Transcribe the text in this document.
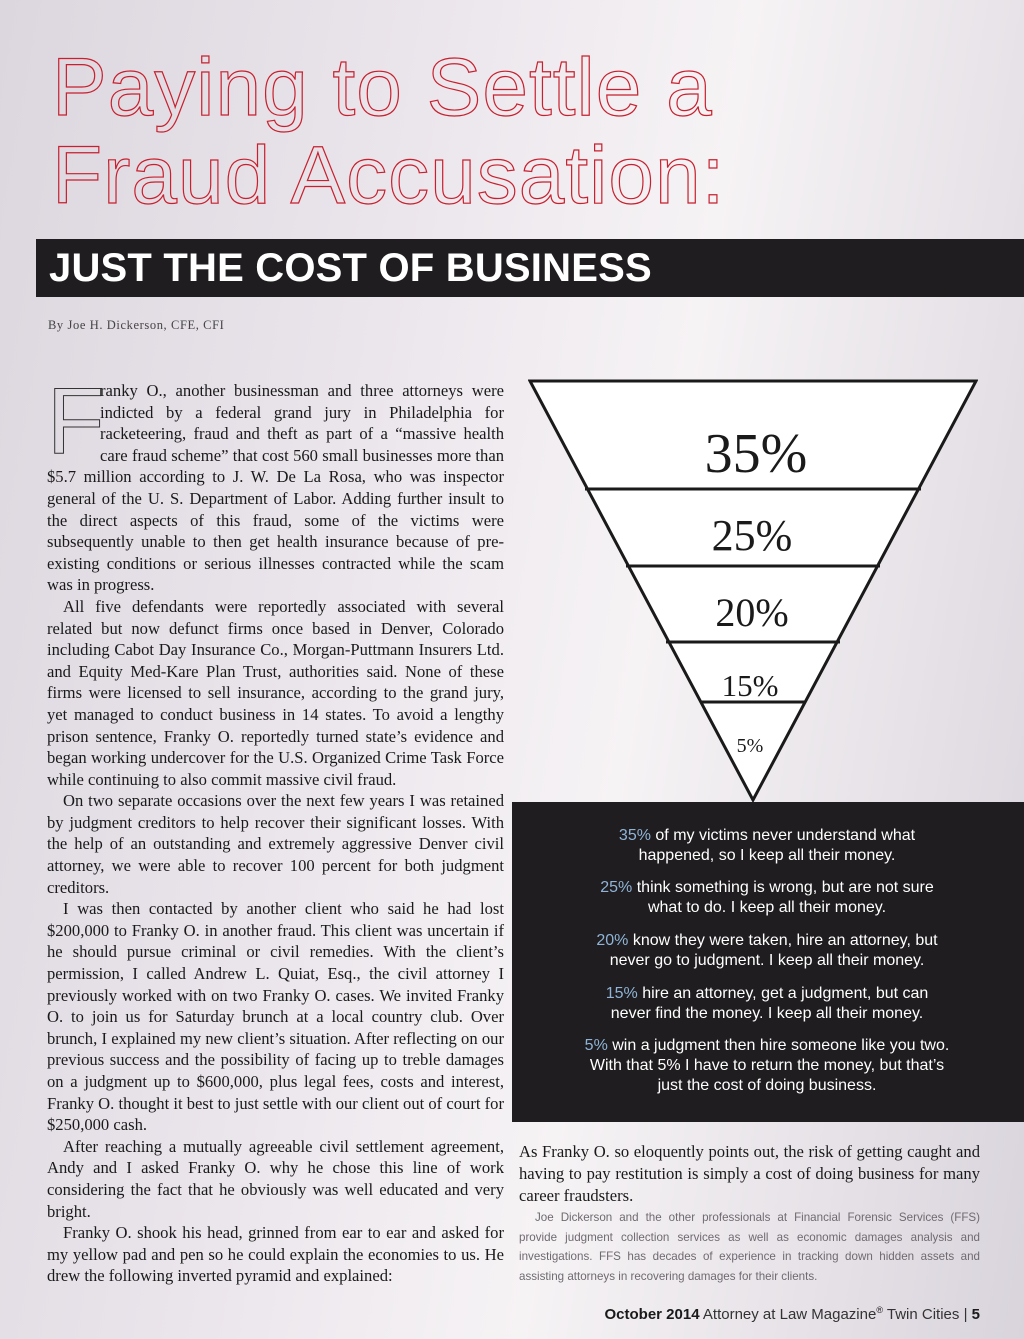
Paying to Settle a
Fraud Accusation:
JUST THE COST OF BUSINESS
By Joe H. Dickerson, CFE, CFI

F
ranky O., another businessman and three attorneys were indicted by a federal grand jury in Philadelphia for racketeering, fraud and theft as part of a “massive health care fraud scheme” that cost 560 small businesses more than $5.7 million according to J. W. De La Rosa, who was inspector general of the U. S. Department of Labor. Adding further insult to the direct aspects of this fraud, some of the victims were subsequently unable to then get health insurance because of pre-existing conditions or serious illnesses contracted while the scam was in progress.

All five defendants were reportedly associated with several related but now defunct firms once based in Denver, Colorado including Cabot Day Insurance Co., Morgan-Puttmann Insurers Ltd. and Equity Med-Kare Plan Trust, authorities said. None of these firms were licensed to sell insurance, according to the grand jury, yet managed to conduct business in 14 states. To avoid a lengthy prison sentence, Franky O. reportedly turned state’s evidence and began working undercover for the U.S. Organized Crime Task Force while continuing to also commit massive civil fraud.

On two separate occasions over the next few years I was retained by judgment creditors to help recover their significant losses. With the help of an outstanding and extremely aggressive Denver civil attorney, we were able to recover 100 percent for both judgment creditors.

I was then contacted by another client who said he had lost $200,000 to Franky O. in another fraud. This client was uncertain if he should pursue criminal or civil remedies. With the client’s permission, I called Andrew L. Quiat, Esq., the civil attorney I previously worked with on two Franky O. cases. We invited Franky O. to join us for Saturday brunch at a local country club. Over brunch, I explained my new client’s situation. After reflecting on our previous success and the possibility of facing up to treble damages on a judgment up to $600,000, plus legal fees, costs and interest, Franky O. thought it best to just settle with our client out of court for $250,000 cash.

After reaching a mutually agreeable civil settlement agreement, Andy and I asked Franky O. why he chose this line of work considering the fact that he obviously was well educated and very bright.

Franky O. shook his head, grinned from ear to ear and asked for my yellow pad and pen so he could explain the economies to us. He drew the following inverted pyramid and explained:

35%
25%
20%
15%
5%
35% of my victims never understand what
happened, so I keep all their money.
25% think something is wrong, but are not sure
what to do. I keep all their money.
20% know they were taken, hire an attorney, but
never go to judgment. I keep all their money.
15% hire an attorney, get a judgment, but can
never find the money. I keep all their money.
5% win a judgment then hire someone like you two.
With that 5% I have to return the money, but that’s
just the cost of doing business.
As Franky O. so eloquently points out, the risk of getting caught and having to pay restitution is simply a cost of doing business for many career fraudsters.
Joe Dickerson and the other professionals at Financial Forensic Services (FFS) provide judgment collection services as well as economic damages analysis and investigations. FFS has decades of experience in tracking down hidden assets and assisting attorneys in recovering damages for their clients.
October 2014 Attorney at Law Magazine® Twin Cities | 5
